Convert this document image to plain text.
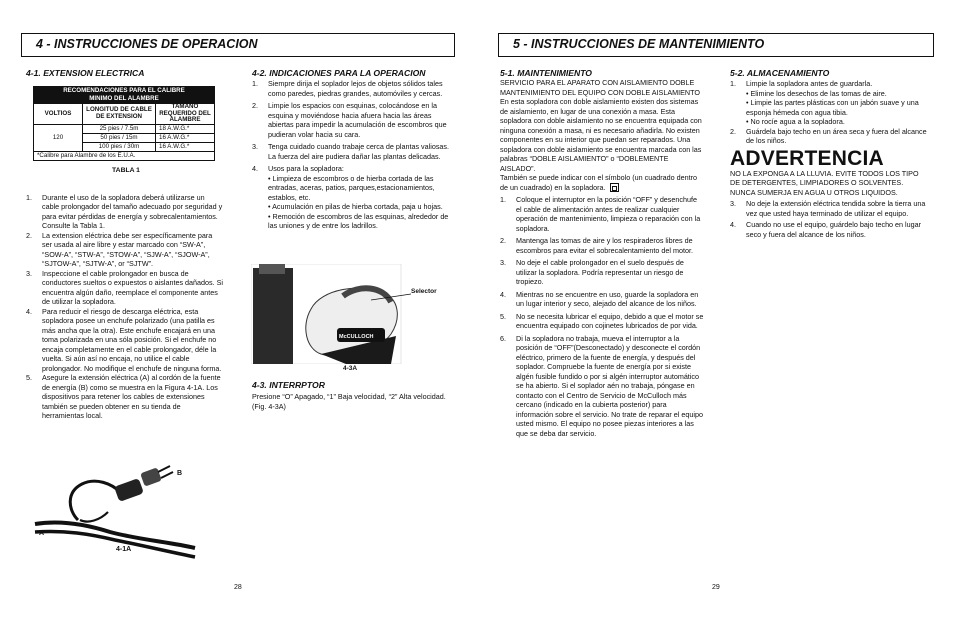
4 - INSTRUCCIONES DE OPERACION
4-1. EXTENSION ELECTRICA
RECOMENDACIONES PARA EL CALIBRE
MINIMO DEL ALAMBRE		

VOLTIOS	LONGITUD DE CABLE DE EXTENSION	TAMAÑO REQUERIDO DEL ALAMBRE
120	25 pies / 7.5m	18 A.W.G.*
	50 pies / 15m	16 A.W.G.*
	100 pies / 30m	16 A.W.G.*
*Calibre para Alambre de los E.U.A.		
TABLA 1
1. Durante el uso de la sopladora deberá utilizarse un cable prolongador del tamaño adecuado por seguridad y para evitar pérdidas de energía y sobrecalentamientos. Consulte la Tabla 1.
2. La extension eléctrica debe ser específicamente para ser usada al aire libre y estar marcado con “SW-A”, “SOW-A”, “STW-A”, “STOW-A”, “SJW-A”, “SJOW-A”, “SJTOW-A”, “SJTW-A”, or “SJTW”.
3. Inspeccione el cable prolongador en busca de conductores sueltos o expuestos o aislantes dañados. Si encuentra algún daño, reemplace el componente antes de utilizar la sopladora.
4. Para reducir el riesgo de descarga eléctrica, esta sopladora posee un enchufe polarizado (una patilla es más ancha que la otra). Este enchufe encajará en una toma polarizada en una sóla posición. Si el enchufe no encaja completamente en el cable prolongador, déle la vuelta. Si aún así no encaja, no utilice el cable prolongador. No modifique el enchufe de ninguna forma.
5. Asegure la extensión eléctrica (A) al cordón de la fuente de energía (B) como se muestra en la Figura 4-1A. Los dispositivos para retener los cables de extensiones también se pueden obtener en su tienda de herramientas local.
B
A
4-1A
4-2. INDICACIONES PARA LA OPERACION
1. Siempre dirija el soplador lejos de objetos sólidos tales como paredes, piedras grandes, automóviles y cercas.
2. Limpie los espacios con esquinas, colocándose en la esquina y moviéndose hacia afuera hacia las áreas abiertas para impedir la acumulación de escombros que pudieran volar hacia su cara.
3. Tenga cuidado cuando trabaje cerca de plantas valiosas. La fuerza del aire pudiera dañar las plantas delicadas.
4. Usos para la sopladora:
• Limpieza de escombros o de hierba cortada de las entradas, aceras, patios, parques,estacionamientos, establos, etc.
• Acumulación en pilas de hierba cortada, paja u hojas.
• Remoción de escombros de las esquinas, alrededor de las uniones y de entre los ladrillos.
McCULLOCH
Selector
4-3A
4-3. INTERRPTOR
Presione “O” Apagado, “1” Baja velocidad, “2” Alta velocidad. (Fig. 4-3A)
28
5 - INSTRUCCIONES DE MANTENIMIENTO
5-1. MAINTENIMIENTO
SERVICIO PARA EL APARATO CON AISLAMIENTO DOBLE
MANTENIMIENTO DEL EQUIPO CON DOBLE AISLAMIENTO
En esta sopladora con doble aislamiento existen dos sistemas de aislamiento, en lugar de una conexión a masa. Esta sopladora con doble aislamiento no se encuentra equipada con ninguna conexión a masa, ni es necesario añadirla. No existen componentes en su interior que puedan ser reparados. Una sopladora con doble aislamiento se encuentra marcada con las palabras “DOBLE AISLAMIENTO” o “DOBLEMENTE AISLADO”.
También se puede indicar con el símbolo (un cuadrado dentro de un cuadrado) en la sopladora.
1. Coloque el interruptor en la posición “OFF” y desenchufe el cable de alimentación antes de realizar cualquier operación de mantenimiento, limpieza o reparación con la sopladora.
2. Mantenga las tomas de aire y los respiraderos libres de escombros para evitar el sobrecalentamiento del motor.
3. No deje el cable prolongador en el suelo después de utilizar la sopladora. Podría representar un riesgo de tropiezo.
4. Mientras no se encuentre en uso, guarde la sopladora en un lugar interior y seco, alejado del alcance de los niños.
5. No se necesita lubricar el equipo, debido a que el motor se encuentra equipado con cojinetes lubricados de por vida.
6. Di la sopladora no trabaja, mueva el interruptor a la posición de “OFF”(Desconectado) y desconecte el cordón eléctrico, primero de la fuente de energía, y después del soplador. Compruebe la fuente de energía por si existe algén fusible fundido o por si algén interruptor automático se ha abierto. Si el soplador aén no trabaja, póngase en contacto con el Centro de Servicio de McCulloch más cercano (indicado en la cubierta posterior) para información sobre el servicio. No trate de reparar el equipo usted mismo. El equipo no posee piezas interiores a las que se deba dar servicio.
5-2. ALMACENAMIENTO
1. Limpie la sopladora antes de guardarla.
• Elimine los desechos de las tomas de aire.
• Limpie las partes plásticas con un jabón suave y una esponja hémeda con agua tibia.
• No rocíe agua a la sopladora.
2. Guárdela bajo techo en un área seca y fuera del alcance de los niños.
ADVERTENCIA
NO LA EXPONGA A LA LLUVIA. EVITE TODOS LOS TIPO DE DETERGENTES, LIMPIADORES O SOLVENTES. NUNCA SUMERJA EN AGUA U OTROS LIQUIDOS.
3. No deje la extensión eléctrica tendida sobre la tierra una vez que usted haya terminado de utilizar el equipo.
4. Cuando no use el equipo, guárdelo bajo techo en lugar seco y fuera del alcance de los niños.
29
